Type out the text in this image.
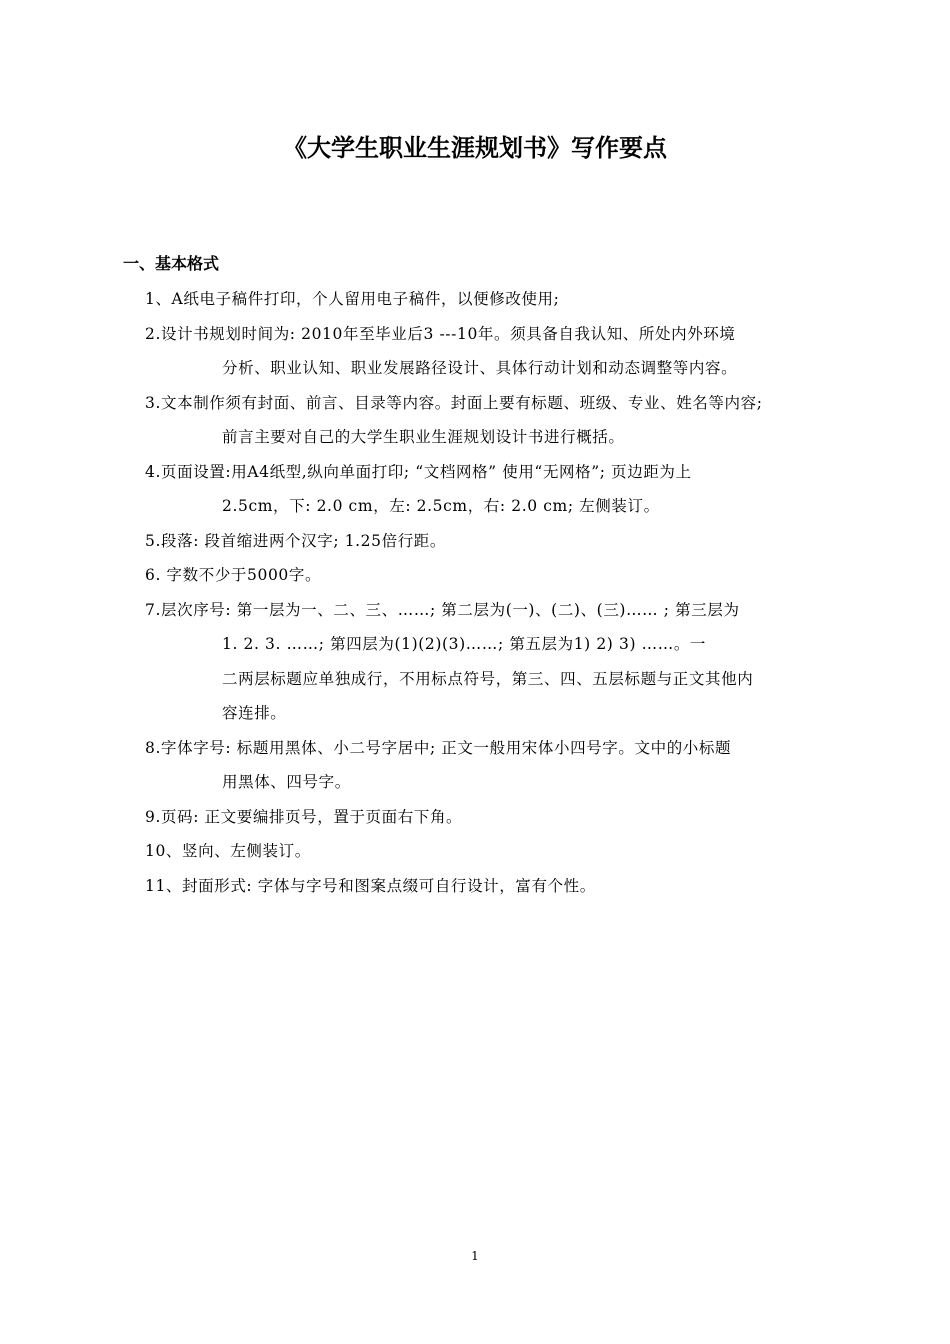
《大学生职业生涯规划书》写作要点
一、基本格式
1、A纸电子稿件打印，个人留用电子稿件，以便修改使用;
2.设计书规划时间为: 2010年至毕业后3 ---10年。须具备自我认知、所处内外环境
分析、职业认知、职业发展路径设计、具体行动计划和动态调整等内容。
3.文本制作须有封面、前言、目录等内容。封面上要有标题、班级、专业、姓名等内容;
前言主要对自己的大学生职业生涯规划设计书进行概括。
4.页面设置:用A4纸型,纵向单面打印; “文档网格” 使用“无网格”; 页边距为上
2.5cm，下: 2.0 cm，左: 2.5cm，右: 2.0 cm; 左侧装订。
5.段落: 段首缩进两个汉字; 1.25倍行距。
6. 字数不少于5000字。
7.层次序号: 第一层为一、二、三、……; 第二层为(一)、(二)、(三)…… ; 第三层为
1. 2. 3. ……; 第四层为(1)(2)(3)……; 第五层为1) 2) 3) ……。一
二两层标题应单独成行，不用标点符号，第三、四、五层标题与正文其他内
容连排。
8.字体字号: 标题用黑体、小二号字居中; 正文一般用宋体小四号字。文中的小标题
用黑体、四号字。
9.页码: 正文要编排页号，置于页面右下角。
10、竖向、左侧装订。
11、封面形式: 字体与字号和图案点缀可自行设计，富有个性。
1
